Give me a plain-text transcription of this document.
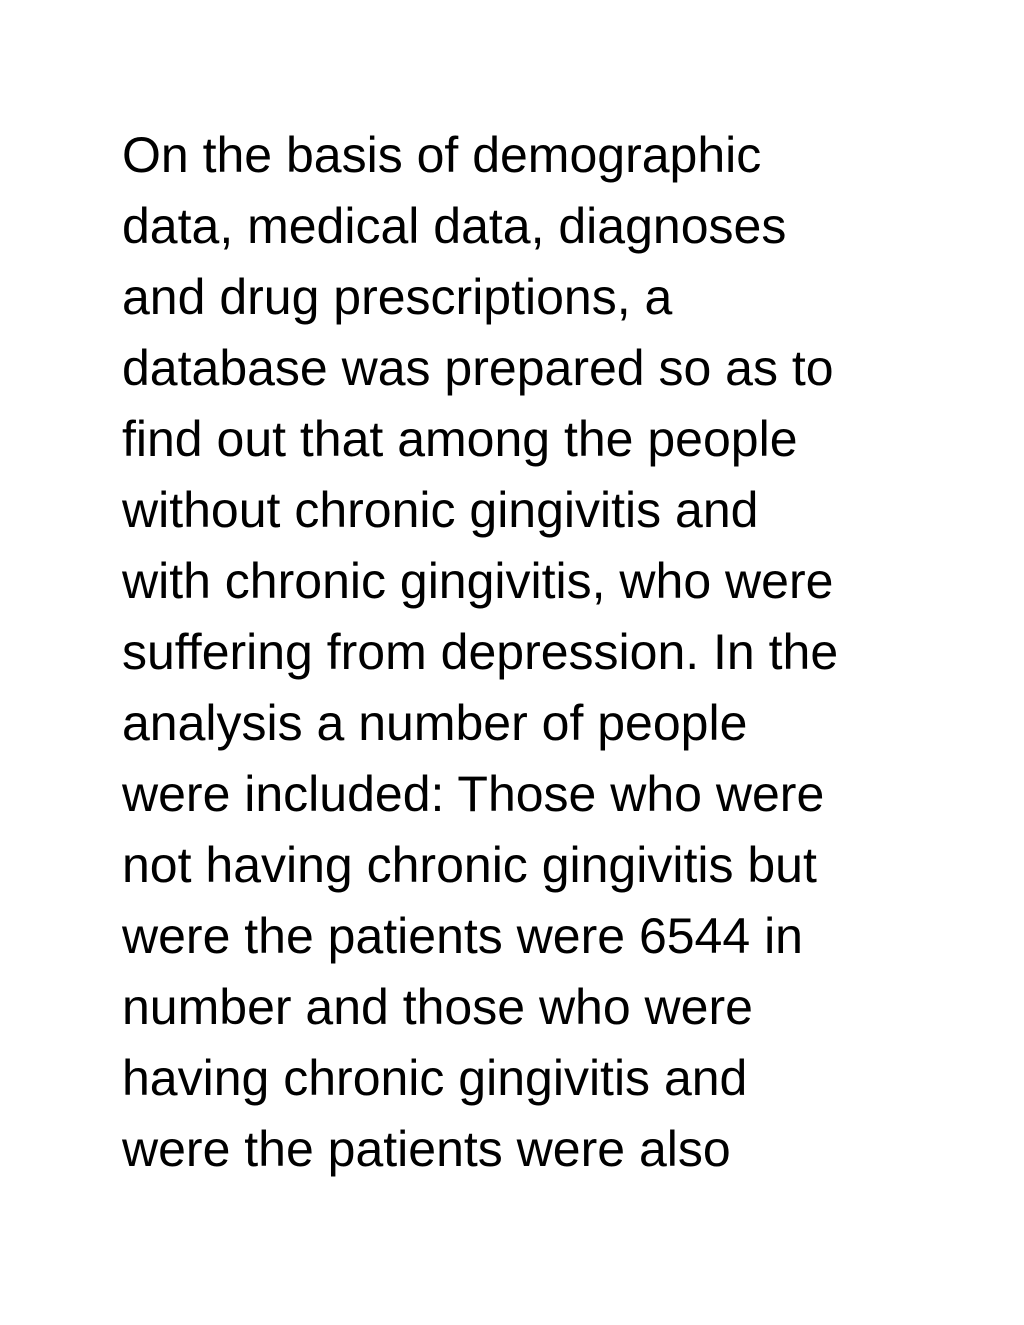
On the basis of demographic
data, medical data, diagnoses
and drug prescriptions, a
database was prepared so as to
find out that among the people
without chronic gingivitis and
with chronic gingivitis, who were
suffering from depression. In the
analysis a number of people
were included: Those who were
not having chronic gingivitis but
were the patients were 6544 in
number and those who were
having chronic gingivitis and
were the patients were also
